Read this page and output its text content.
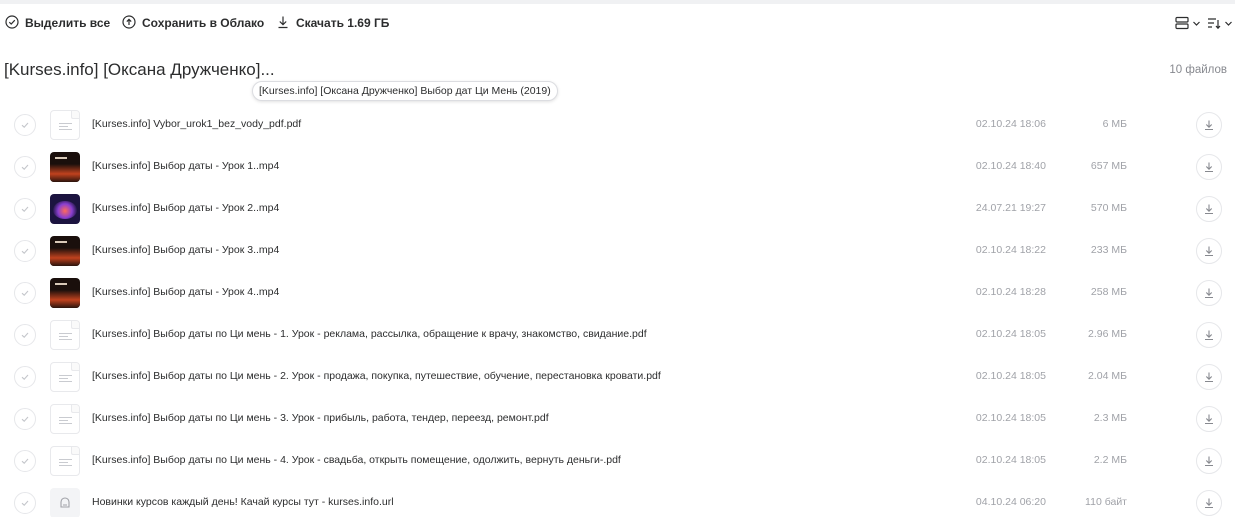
Выделить все	Сохранить в Облако	Скачать 1.69 ГБ
[Kurses.info] [Оксана Дружченко]...	10 файлов
[Kurses.info] [Оксана Дружченко] Выбор дат Ци Мень (2019)
[Kurses.info] Vybor_urok1_bez_vody_pdf.pdf	02.10.24 18:06	6 МБ
[Kurses.info] Выбор даты - Урок 1..mp4	02.10.24 18:40	657 МБ
[Kurses.info] Выбор даты - Урок 2..mp4	24.07.21 19:27	570 МБ
[Kurses.info] Выбор даты - Урок 3..mp4	02.10.24 18:22	233 МБ
[Kurses.info] Выбор даты - Урок 4..mp4	02.10.24 18:28	258 МБ
[Kurses.info] Выбор даты по Ци мень - 1. Урок - реклама, рассылка, обращение к врачу, знакомство, свидание.pdf	02.10.24 18:05	2.96 МБ
[Kurses.info] Выбор даты по Ци мень - 2. Урок - продажа, покупка, путешествие, обучение, перестановка кровати.pdf	02.10.24 18:05	2.04 МБ
[Kurses.info] Выбор даты по Ци мень - 3. Урок - прибыль, работа, тендер, переезд, ремонт.pdf	02.10.24 18:05	2.3 МБ
[Kurses.info] Выбор даты по Ци мень - 4. Урок - свадьба, открыть помещение, одолжить, вернуть деньги-.pdf	02.10.24 18:05	2.2 МБ
Новинки курсов каждый день! Качай курсы тут - kurses.info.url	04.10.24 06:20	110 байт
